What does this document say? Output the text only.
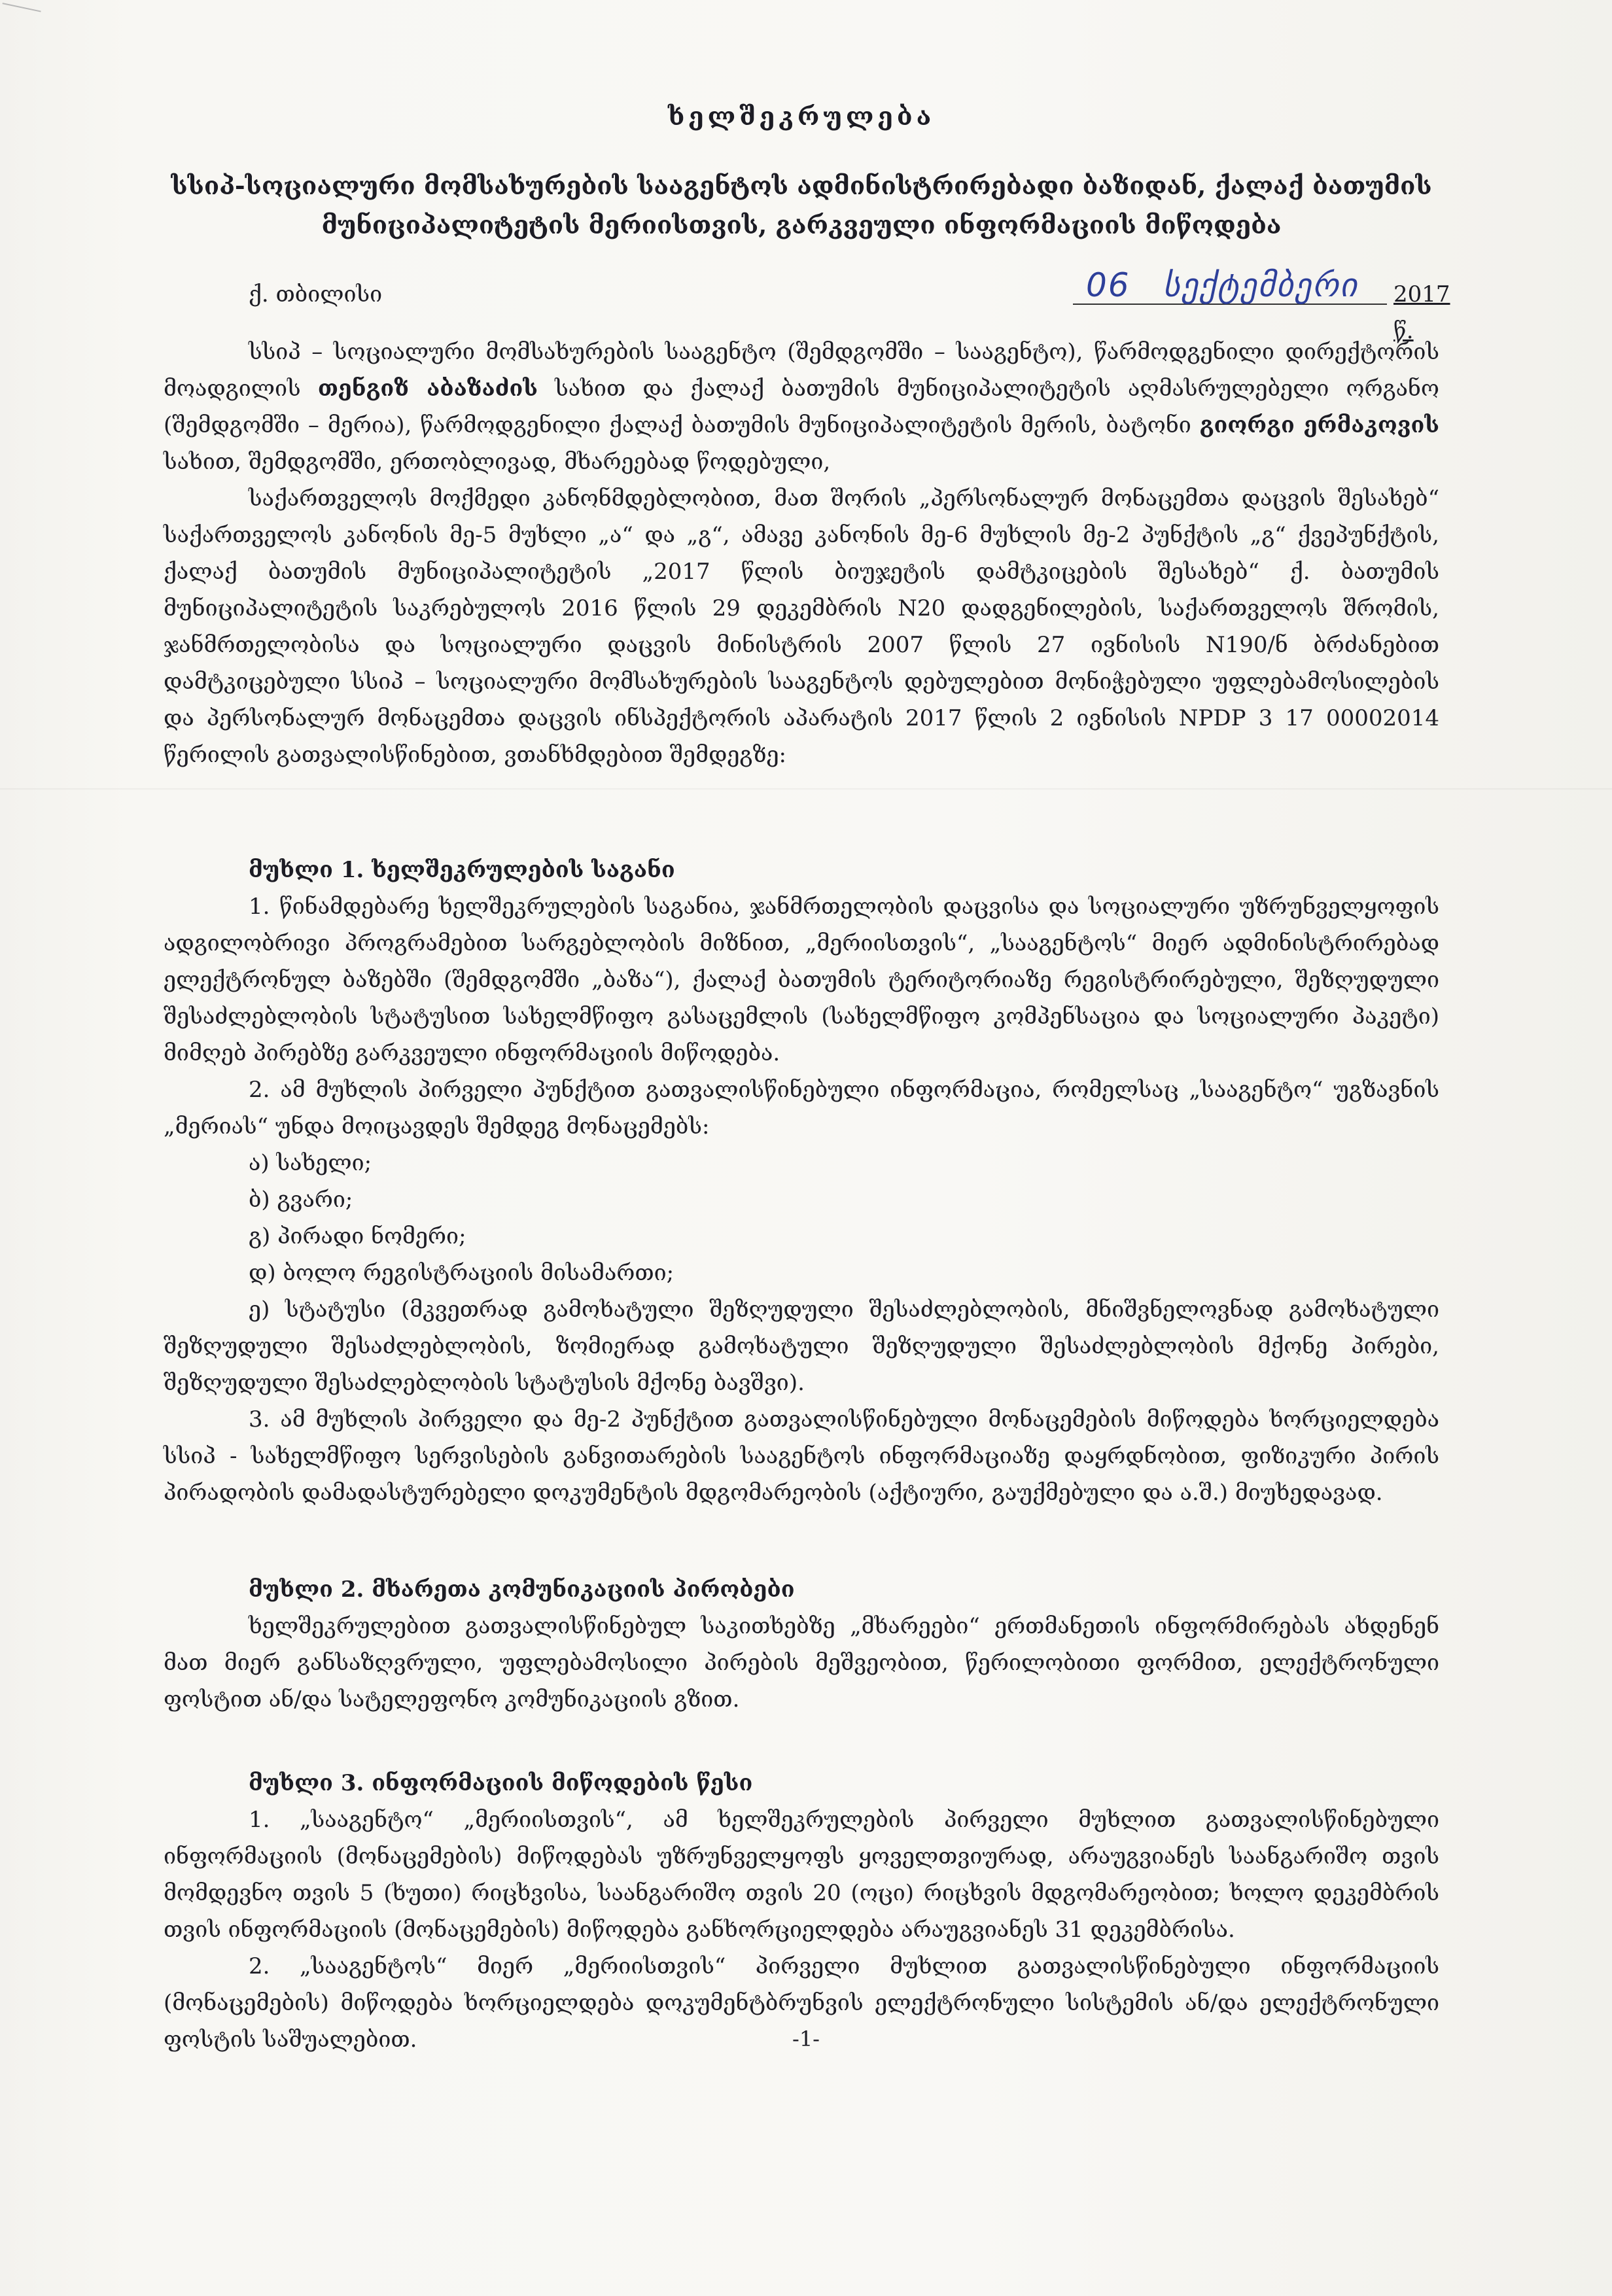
ხელშეკრულება

სსიპ-სოციალური მომსახურების სააგენტოს ადმინისტრირებადი ბაზიდან, ქალაქ ბათუმის

მუნიციპალიტეტის მერიისთვის, გარკვეული ინფორმაციის მიწოდება

ქ. თბილისი	06 სექტემბერი	2017 წ.

სსიპ – სოციალური მომსახურების სააგენტო (შემდგომში – სააგენტო), წარმოდგენილი დირექტორის მოადგილის თენგიზ აბაზაძის სახით და ქალაქ ბათუმის მუნიციპალიტეტის აღმასრულებელი ორგანო (შემდგომში – მერია), წარმოდგენილი ქალაქ ბათუმის მუნიციპალიტეტის მერის, ბატონი გიორგი ერმაკოვის სახით, შემდგომში, ერთობლივად, მხარეებად წოდებული,

საქართველოს მოქმედი კანონმდებლობით, მათ შორის „პერსონალურ მონაცემთა დაცვის შესახებ“ საქართველოს კანონის მე-5 მუხლი „ა“ და „გ“, ამავე კანონის მე-6 მუხლის მე-2 პუნქტის „გ“ ქვეპუნქტის, ქალაქ ბათუმის მუნიციპალიტეტის „2017 წლის ბიუჯეტის დამტკიცების შესახებ“ ქ. ბათუმის მუნიციპალიტეტის საკრებულოს 2016 წლის 29 დეკემბრის N20 დადგენილების, საქართველოს შრომის, ჯანმრთელობისა და სოციალური დაცვის მინისტრის 2007 წლის 27 ივნისის N190/ნ ბრძანებით დამტკიცებული სსიპ – სოციალური მომსახურების სააგენტოს დებულებით მონიჭებული უფლებამოსილების და პერსონალურ მონაცემთა დაცვის ინსპექტორის აპარატის 2017 წლის 2 ივნისის NPDP 3 17 00002014 წერილის გათვალისწინებით, ვთანხმდებით შემდეგზე:

მუხლი 1. ხელშეკრულების საგანი

1. წინამდებარე ხელშეკრულების საგანია, ჯანმრთელობის დაცვისა და სოციალური უზრუნველყოფის ადგილობრივი პროგრამებით სარგებლობის მიზნით, „მერიისთვის“, „სააგენტოს“ მიერ ადმინისტრირებად ელექტრონულ ბაზებში (შემდგომში „ბაზა“), ქალაქ ბათუმის ტერიტორიაზე რეგისტრირებული, შეზღუდული შესაძლებლობის სტატუსით სახელმწიფო გასაცემლის (სახელმწიფო კომპენსაცია და სოციალური პაკეტი) მიმღებ პირებზე გარკვეული ინფორმაციის მიწოდება.

2. ამ მუხლის პირველი პუნქტით გათვალისწინებული ინფორმაცია, რომელსაც „სააგენტო“ უგზავნის „მერიას“ უნდა მოიცავდეს შემდეგ მონაცემებს:

ა) სახელი;

ბ) გვარი;

გ) პირადი ნომერი;

დ) ბოლო რეგისტრაციის მისამართი;

ე) სტატუსი (მკვეთრად გამოხატული შეზღუდული შესაძლებლობის, მნიშვნელოვნად გამოხატული შეზღუდული შესაძლებლობის, ზომიერად გამოხატული შეზღუდული შესაძლებლობის მქონე პირები, შეზღუდული შესაძლებლობის სტატუსის მქონე ბავშვი).

3. ამ მუხლის პირველი და მე-2 პუნქტით გათვალისწინებული მონაცემების მიწოდება ხორციელდება სსიპ - სახელმწიფო სერვისების განვითარების სააგენტოს ინფორმაციაზე დაყრდნობით, ფიზიკური პირის პირადობის დამადასტურებელი დოკუმენტის მდგომარეობის (აქტიური, გაუქმებული და ა.შ.) მიუხედავად.

მუხლი 2. მხარეთა კომუნიკაციის პირობები

ხელშეკრულებით გათვალისწინებულ საკითხებზე „მხარეები“ ერთმანეთის ინფორმირებას ახდენენ მათ მიერ განსაზღვრული, უფლებამოსილი პირების მეშვეობით, წერილობითი ფორმით, ელექტრონული ფოსტით ან/და სატელეფონო კომუნიკაციის გზით.

მუხლი 3. ინფორმაციის მიწოდების წესი

1. „სააგენტო“ „მერიისთვის“, ამ ხელშეკრულების პირველი მუხლით გათვალისწინებული ინფორმაციის (მონაცემების) მიწოდებას უზრუნველყოფს ყოველთვიურად, არაუგვიანეს საანგარიშო თვის მომდევნო თვის 5 (ხუთი) რიცხვისა, საანგარიშო თვის 20 (ოცი) რიცხვის მდგომარეობით; ხოლო დეკემბრის თვის ინფორმაციის (მონაცემების) მიწოდება განხორციელდება არაუგვიანეს 31 დეკემბრისა.

2. „სააგენტოს“ მიერ „მერიისთვის“ პირველი მუხლით გათვალისწინებული ინფორმაციის (მონაცემების) მიწოდება ხორციელდება დოკუმენტბრუნვის ელექტრონული სისტემის ან/და ელექტრონული ფოსტის საშუალებით.	-1-
